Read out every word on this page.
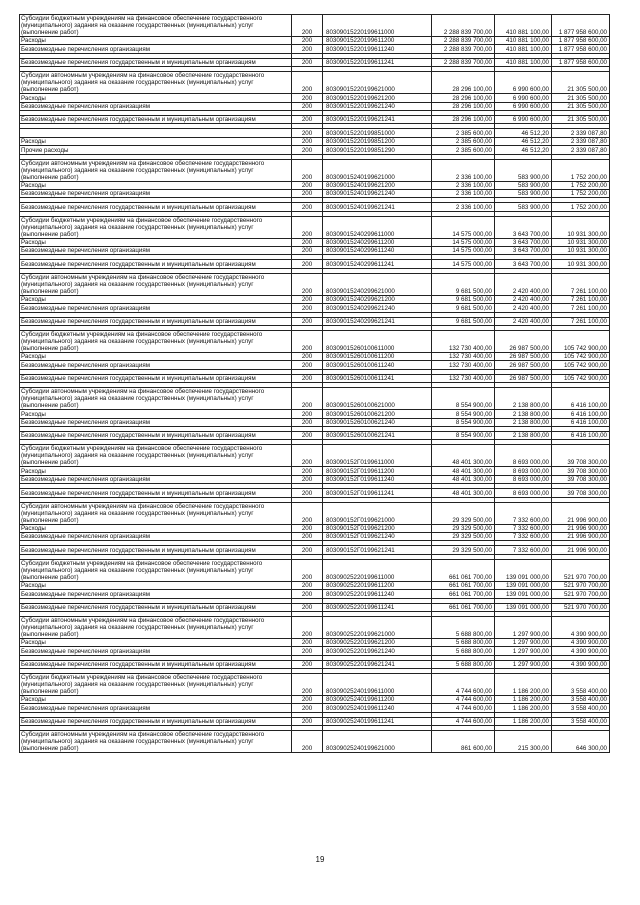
Субсидии бюджетным учреждениям на финансовое обеспечение государственного (муниципального) задания на оказание государственных (муниципальных) услуг (выполнение работ)	200	80309015220199611000	2 288 839 700,00	410 881 100,00	1 877 958 600,00
Расходы	200	80309015220199611200	2 288 839 700,00	410 881 100,00	1 877 958 600,00
Безвозмездные перечисления организациям	200	80309015220199611240	2 288 839 700,00	410 881 100,00	1 877 958 600,00

Безвозмездные перечисления государственным и муниципальным организациям	200	80309015220199611241	2 288 839 700,00	410 881 100,00	1 877 958 600,00

Субсидии автономным учреждениям на финансовое обеспечение государственного (муниципального) задания на оказание государственных (муниципальных) услуг (выполнение работ)	200	80309015220199621000	28 296 100,00	6 990 600,00	21 305 500,00
Расходы	200	80309015220199621200	28 296 100,00	6 990 600,00	21 305 500,00
Безвозмездные перечисления организациям	200	80309015220199621240	28 296 100,00	6 990 600,00	21 305 500,00

Безвозмездные перечисления государственным и муниципальным организациям	200	80309015220199621241	28 296 100,00	6 990 600,00	21 305 500,00

	200	80309015220199851000	2 385 600,00	46 512,20	2 339 087,80
Расходы	200	80309015220199851200	2 385 600,00	46 512,20	2 339 087,80
Прочие расходы	200	80309015220199851290	2 385 600,00	46 512,20	2 339 087,80

Субсидии автономным учреждениям на финансовое обеспечение государственного (муниципального) задания на оказание государственных (муниципальных) услуг (выполнение работ)	200	80309015240199621000	2 336 100,00	583 900,00	1 752 200,00
Расходы	200	80309015240199621200	2 336 100,00	583 900,00	1 752 200,00
Безвозмездные перечисления организациям	200	80309015240199621240	2 336 100,00	583 900,00	1 752 200,00

Безвозмездные перечисления государственным и муниципальным организациям	200	80309015240199621241	2 336 100,00	583 900,00	1 752 200,00

Субсидии бюджетным учреждениям на финансовое обеспечение государственного (муниципального) задания на оказание государственных (муниципальных) услуг (выполнение работ)	200	80309015240299611000	14 575 000,00	3 643 700,00	10 931 300,00
Расходы	200	80309015240299611200	14 575 000,00	3 643 700,00	10 931 300,00
Безвозмездные перечисления организациям	200	80309015240299611240	14 575 000,00	3 643 700,00	10 931 300,00

Безвозмездные перечисления государственным и муниципальным организациям	200	80309015240299611241	14 575 000,00	3 643 700,00	10 931 300,00

Субсидии автономным учреждениям на финансовое обеспечение государственного (муниципального) задания на оказание государственных (муниципальных) услуг (выполнение работ)	200	80309015240299621000	9 681 500,00	2 420 400,00	7 261 100,00
Расходы	200	80309015240299621200	9 681 500,00	2 420 400,00	7 261 100,00
Безвозмездные перечисления организациям	200	80309015240299621240	9 681 500,00	2 420 400,00	7 261 100,00

Безвозмездные перечисления государственным и муниципальным организациям	200	80309015240299621241	9 681 500,00	2 420 400,00	7 261 100,00

Субсидии бюджетным учреждениям на финансовое обеспечение государственного (муниципального) задания на оказание государственных (муниципальных) услуг (выполнение работ)	200	80309015260100611000	132 730 400,00	26 987 500,00	105 742 900,00
Расходы	200	80309015260100611200	132 730 400,00	26 987 500,00	105 742 900,00
Безвозмездные перечисления организациям	200	80309015260100611240	132 730 400,00	26 987 500,00	105 742 900,00

Безвозмездные перечисления государственным и муниципальным организациям	200	80309015260100611241	132 730 400,00	26 987 500,00	105 742 900,00

Субсидии автономным учреждениям на финансовое обеспечение государственного (муниципального) задания на оказание государственных (муниципальных) услуг (выполнение работ)	200	80309015260100621000	8 554 900,00	2 138 800,00	6 416 100,00
Расходы	200	80309015260100621200	8 554 900,00	2 138 800,00	6 416 100,00
Безвозмездные перечисления организациям	200	80309015260100621240	8 554 900,00	2 138 800,00	6 416 100,00

Безвозмездные перечисления государственным и муниципальным организациям	200	80309015260100621241	8 554 900,00	2 138 800,00	6 416 100,00

Субсидии бюджетным учреждениям на финансовое обеспечение государственного (муниципального) задания на оказание государственных (муниципальных) услуг (выполнение работ)	200	803090152Г0199611000	48 401 300,00	8 693 000,00	39 708 300,00
Расходы	200	803090152Г0199611200	48 401 300,00	8 693 000,00	39 708 300,00
Безвозмездные перечисления организациям	200	803090152Г0199611240	48 401 300,00	8 693 000,00	39 708 300,00

Безвозмездные перечисления государственным и муниципальным организациям	200	803090152Г0199611241	48 401 300,00	8 693 000,00	39 708 300,00

Субсидии автономным учреждениям на финансовое обеспечение государственного (муниципального) задания на оказание государственных (муниципальных) услуг (выполнение работ)	200	803090152Г0199621000	29 329 500,00	7 332 600,00	21 996 900,00
Расходы	200	803090152Г0199621200	29 329 500,00	7 332 600,00	21 996 900,00
Безвозмездные перечисления организациям	200	803090152Г0199621240	29 329 500,00	7 332 600,00	21 996 900,00

Безвозмездные перечисления государственным и муниципальным организациям	200	803090152Г0199621241	29 329 500,00	7 332 600,00	21 996 900,00

Субсидии бюджетным учреждениям на финансовое обеспечение государственного (муниципального) задания на оказание государственных (муниципальных) услуг (выполнение работ)	200	80309025220199611000	661 061 700,00	139 091 000,00	521 970 700,00
Расходы	200	80309025220199611200	661 061 700,00	139 091 000,00	521 970 700,00
Безвозмездные перечисления организациям	200	80309025220199611240	661 061 700,00	139 091 000,00	521 970 700,00

Безвозмездные перечисления государственным и муниципальным организациям	200	80309025220199611241	661 061 700,00	139 091 000,00	521 970 700,00

Субсидии автономным учреждениям на финансовое обеспечение государственного (муниципального) задания на оказание государственных (муниципальных) услуг (выполнение работ)	200	80309025220199621000	5 688 800,00	1 297 900,00	4 390 900,00
Расходы	200	80309025220199621200	5 688 800,00	1 297 900,00	4 390 900,00
Безвозмездные перечисления организациям	200	80309025220199621240	5 688 800,00	1 297 900,00	4 390 900,00

Безвозмездные перечисления государственным и муниципальным организациям	200	80309025220199621241	5 688 800,00	1 297 900,00	4 390 900,00

Субсидии бюджетным учреждениям на финансовое обеспечение государственного (муниципального) задания на оказание государственных (муниципальных) услуг (выполнение работ)	200	80309025240199611000	4 744 600,00	1 186 200,00	3 558 400,00
Расходы	200	80309025240199611200	4 744 600,00	1 186 200,00	3 558 400,00
Безвозмездные перечисления организациям	200	80309025240199611240	4 744 600,00	1 186 200,00	3 558 400,00

Безвозмездные перечисления государственным и муниципальным организациям	200	80309025240199611241	4 744 600,00	1 186 200,00	3 558 400,00

Субсидии автономным учреждениям на финансовое обеспечение государственного (муниципального) задания на оказание государственных (муниципальных) услуг (выполнение работ)	200	80309025240199621000	861 600,00	215 300,00	646 300,00
19
